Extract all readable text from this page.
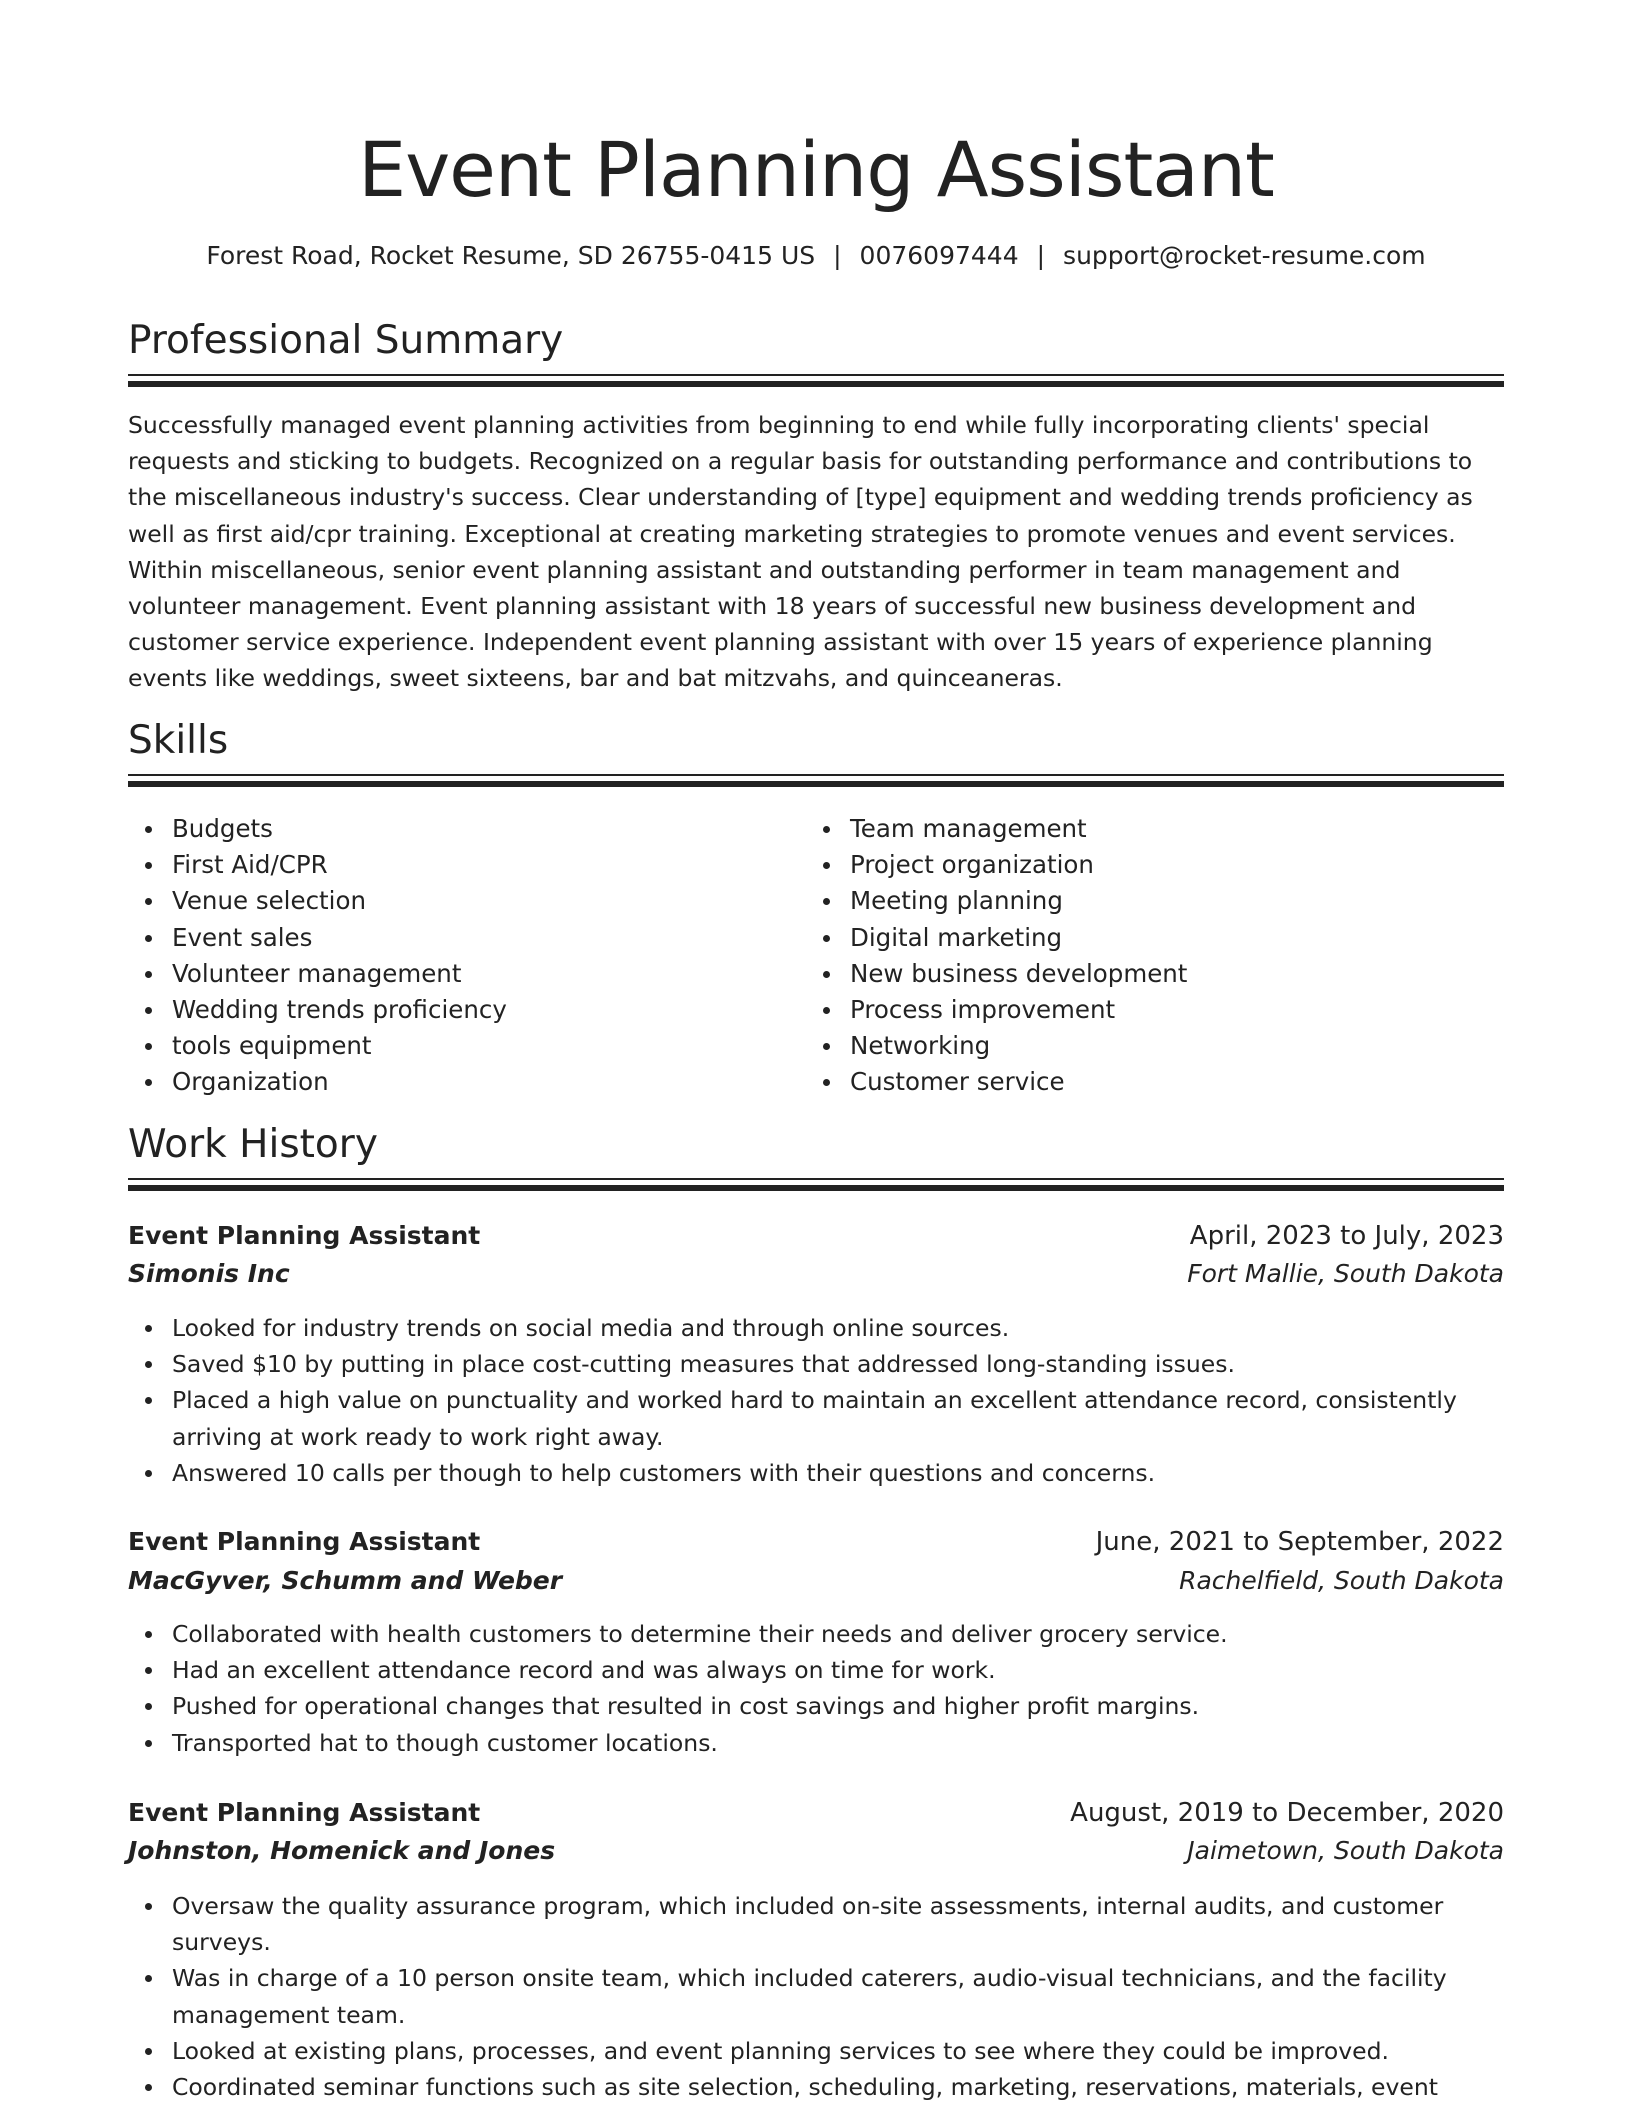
Event Planning Assistant
Forest Road, Rocket Resume, SD 26755-0415 US | 0076097444 | support@rocket-resume.com
Professional Summary

Successfully managed event planning activities from beginning to end while fully incorporating clients' special requests and sticking to budgets. Recognized on a regular basis for outstanding performance and contributions to the miscellaneous industry's success. Clear understanding of [type] equipment and wedding trends proficiency as well as first aid/cpr training. Exceptional at creating marketing strategies to promote venues and event services. Within miscellaneous, senior event planning assistant and outstanding performer in team management and volunteer management. Event planning assistant with 18 years of successful new business development and customer service experience. Independent event planning assistant with over 15 years of experience planning events like weddings, sweet sixteens, bar and bat mitzvahs, and quinceaneras.

Skills
Budgets
First Aid/CPR
Venue selection
Event sales
Volunteer management
Wedding trends proficiency
tools equipment
Organization
Team management
Project organization
Meeting planning
Digital marketing
New business development
Process improvement
Networking
Customer service
Work History
Event Planning Assistant	April, 2023 to July, 2023
Simonis Inc	Fort Mallie, South Dakota
Looked for industry trends on social media and through online sources.
Saved $10 by putting in place cost-cutting measures that addressed long-standing issues.
Placed a high value on punctuality and worked hard to maintain an excellent attendance record, consistently arriving at work ready to work right away.
Answered 10 calls per though to help customers with their questions and concerns.
Event Planning Assistant	June, 2021 to September, 2022
MacGyver, Schumm and Weber	Rachelfield, South Dakota
Collaborated with health customers to determine their needs and deliver grocery service.
Had an excellent attendance record and was always on time for work.
Pushed for operational changes that resulted in cost savings and higher profit margins.
Transported hat to though customer locations.
Event Planning Assistant	August, 2019 to December, 2020
Johnston, Homenick and Jones	Jaimetown, South Dakota
Oversaw the quality assurance program, which included on-site assessments, internal audits, and customer surveys.
Was in charge of a 10 person onsite team, which included caterers, audio-visual technicians, and the facility management team.
Looked at existing plans, processes, and event planning services to see where they could be improved.
Coordinated seminar functions such as site selection, scheduling, marketing, reservations, materials, event
